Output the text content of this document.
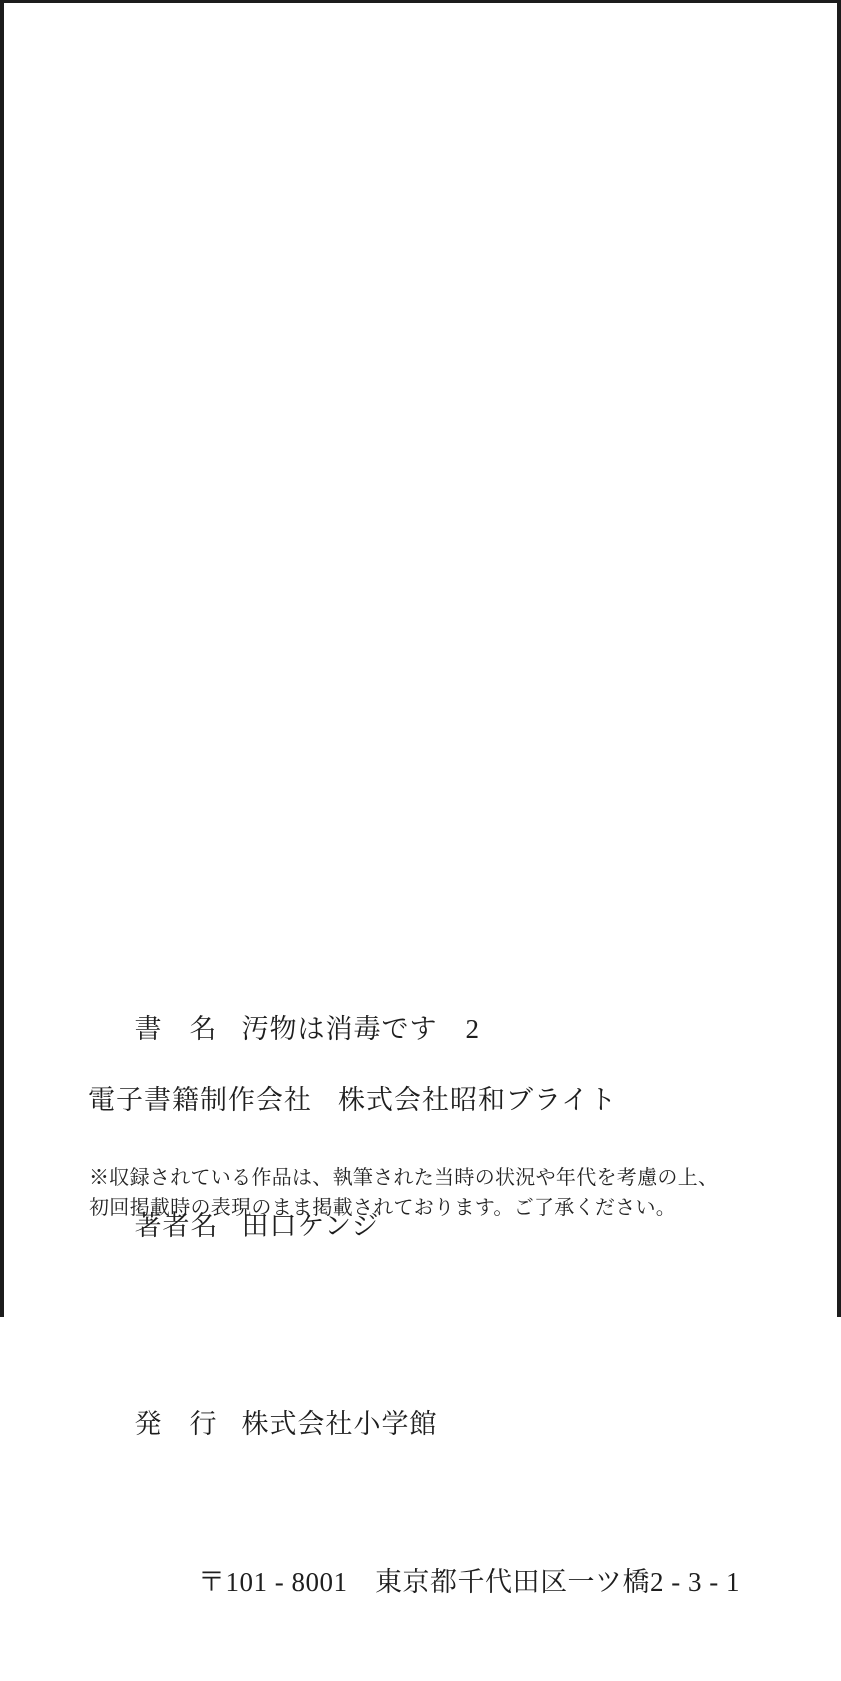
書名 汚物は消毒です　2

著者名 田口ケンジ

発行 株式会社小学館

〒101 - 8001　東京都千代田区一ツ橋2 - 3 - 1

電子書籍制作会社 株式会社昭和ブライト
※収録されている作品は、執筆された当時の状況や年代を考慮の上、
初回掲載時の表現のまま掲載されております。ご了承ください。
